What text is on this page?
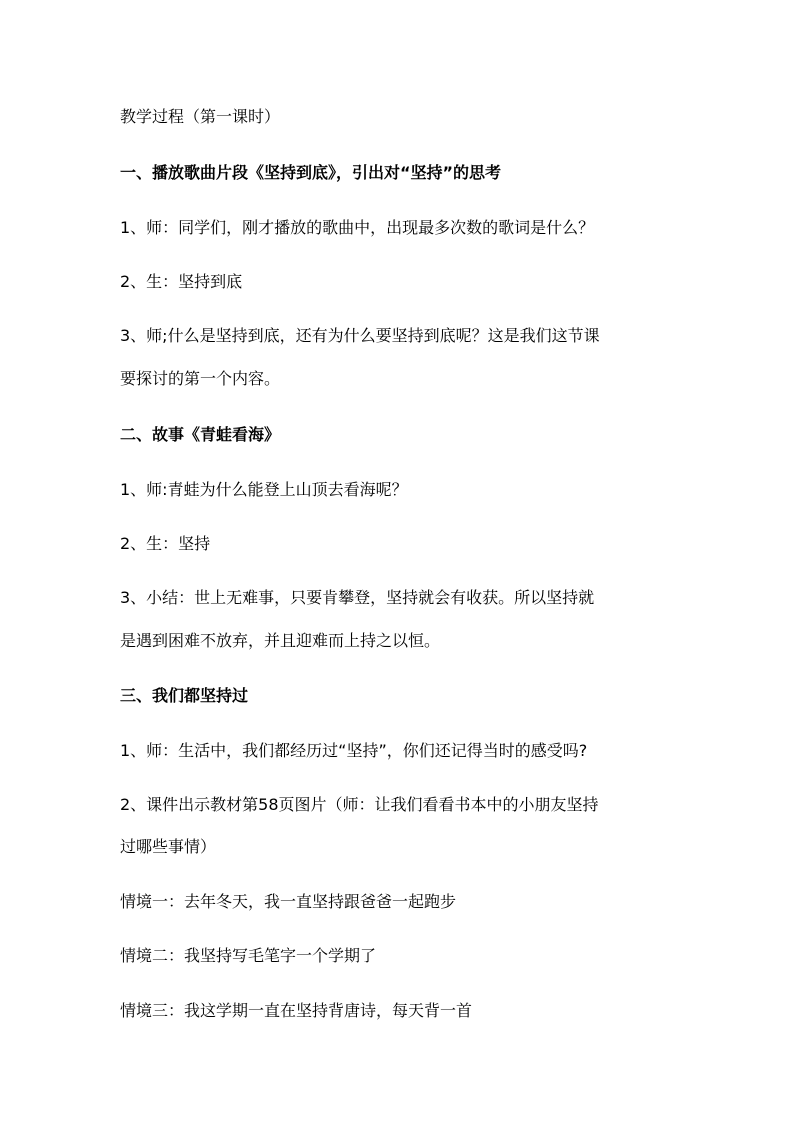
教学过程（第一课时）
一、播放歌曲片段《坚持到底》，引出对“坚持”的思考
1、师：同学们，刚才播放的歌曲中，出现最多次数的歌词是什么？
2、生：坚持到底
3、师;什么是坚持到底，还有为什么要坚持到底呢？这是我们这节课
要探讨的第一个内容。
二、故事《青蛙看海》
1、师:青蛙为什么能登上山顶去看海呢？
2、生：坚持
3、小结：世上无难事，只要肯攀登，坚持就会有收获。所以坚持就
是遇到困难不放弃，并且迎难而上持之以恒。
三、我们都坚持过
1、师：生活中，我们都经历过“坚持”，你们还记得当时的感受吗?
2、课件出示教材第58页图片（师：让我们看看书本中的小朋友坚持
过哪些事情）
情境一：去年冬天，我一直坚持跟爸爸一起跑步
情境二：我坚持写毛笔字一个学期了
情境三：我这学期一直在坚持背唐诗，每天背一首
